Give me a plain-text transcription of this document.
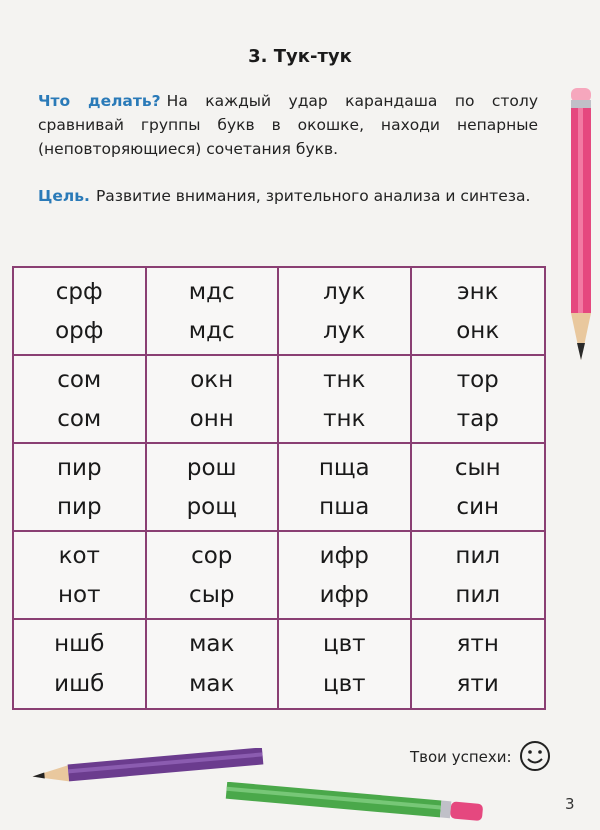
3. Тук-тук
Что делать? На каждый удар карандаша по столу сравнивай группы букв в окошке, находи непарные (неповторяющиеся) сочетания букв.
Цель. Развитие внимания, зрительного анализа и синтеза.
срф
орф
мдс
мдс
лук
лук
энк
онк
сом
сом
окн
онн
тнк
тнк
тор
тар
пир
пир
рош
рощ
пща
пша
сын
син
кот
нот
сор
сыр
ифр
ифр
пил
пил
ншб
ишб
мак
мак
цвт
цвт
ятн
яти
Твои успехи:
3
